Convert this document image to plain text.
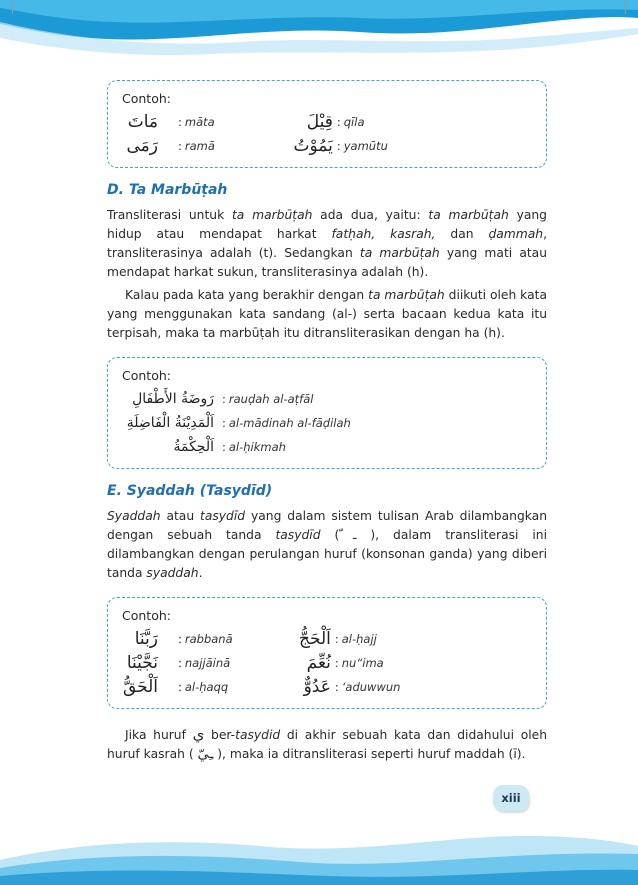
Contoh:
مَاتَ : māta	قِيْلَ : qīla
رَمَى : ramā	يَمُوْتُ : yamūtu
D. Ta Marbūṭah

Transliterasi untuk ta marbūṭah ada dua, yaitu: ta marbūṭah yang hidup atau mendapat harkat fatḥah, kasrah, dan ḍammah, transliterasinya adalah (t). Sedangkan ta marbūṭah yang mati atau mendapat harkat sukun, transliterasinya adalah (h).

Kalau pada kata yang berakhir dengan ta marbūṭah diikuti oleh kata yang menggunakan kata sandang (al-) serta bacaan kedua kata itu terpisah, maka ta marbūṭah itu ditransliterasikan dengan ha (h).

Contoh:
رَوضَةُ الأَطْفَالِ : rauḍah al-aṭfāl
اَلْمَدِيْنَةُ الْفَاضِلَةِ : al-mādinah al-fāḍilah
اَلْحِكْمَةُ : al-ḥikmah
E. Syaddah (Tasydīd)

Syaddah atau tasydīd yang dalam sistem tulisan Arab dilambangkan dengan sebuah tanda tasydīd ( ّـ ), dalam transliterasi ini dilambangkan dengan perulangan huruf (konsonan ganda) yang diberi tanda syaddah.

Contoh:
رَبَّنَا : rabbanā	اَلْحَجُّ : al-ḥajj
نَجَّيْنَا : najjāinā	نُعِّمَ : nu“ima
اَلْحَقُّ : al-ḥaqq	عَدُوٌّ : ‘aduwwun

Jika huruf ي ber-tasydid di akhir sebuah kata dan didahului oleh huruf kasrah ( ـِيّ ), maka ia ditransliterasi seperti huruf maddah (ī).

xiii
